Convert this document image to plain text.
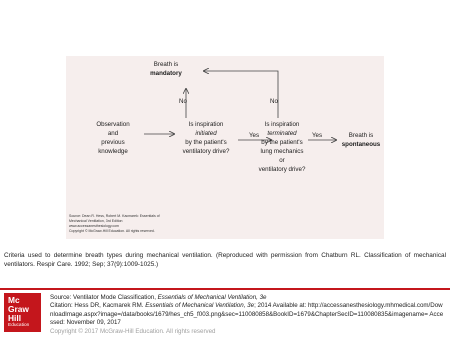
No	No
Yes	Yes
Breath is
mandatory
Observation
and
previous
knowledge
Is inspiration
initiated
by the patient's
ventilatory drive?
Is inspiration
terminated
by the patient's
lung mechanics
or
ventilatory drive?
Breath is
spontaneous
Source: Dean R. Hess, Robert M. Kacmarek: Essentials of
Mechanical Ventilation, 3rd Edition
www.accessanesthesiology.com
Copyright © McGraw-Hill Education. All rights reserved.
Criteria used to determine breath types during mechanical ventilation. (Reproduced with permission from Chatburn RL. Classification of mechanical ventilators. Respir Care. 1992; Sep; 37(9):1009-1025.)
Mc
Graw
Hill
Education
Source: Ventilator Mode Classification, Essentials of Mechanical Ventilation, 3e
Citation: Hess DR, Kacmarek RM. Essentials of Mechanical Ventilation, 3e; 2014 Available at: http://accessanesthesiology.mhmedical.com/DownloadImage.aspx?image=/data/books/1679/hes_ch5_f003.png&sec=110080858&BookID=1679&ChapterSecID=110080835&imagename= Accessed: November 09, 2017
Copyright © 2017 McGraw-Hill Education. All rights reserved
